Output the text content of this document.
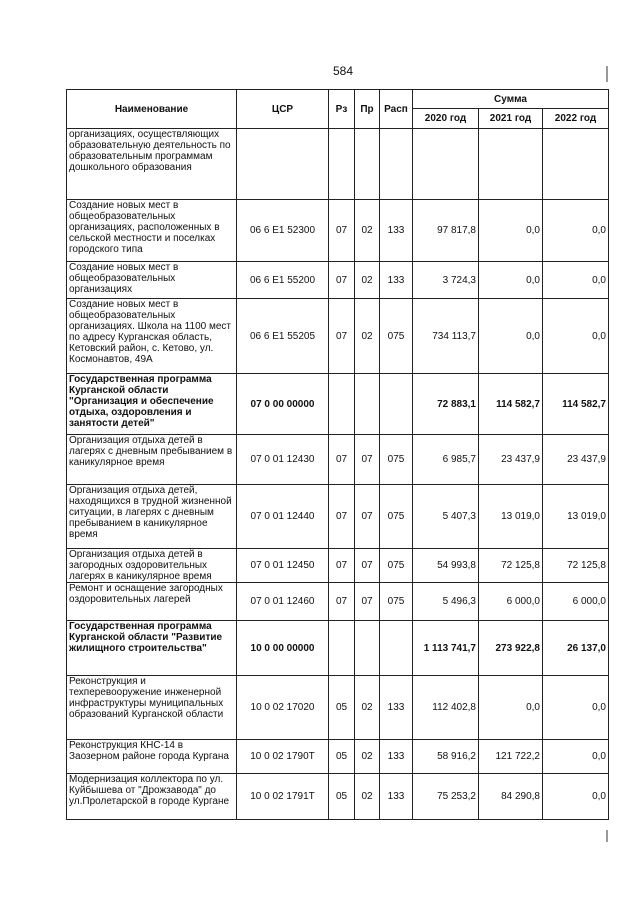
584
Наименование	ЦСР	Рз	Пр	Расп	Сумма		
					2020 год	2021 год	2022 год
организациях, осуществляющих образовательную деятельность по образовательным программам дошкольного образования							
Создание новых мест в общеобразовательных организациях, расположенных в сельской местности и поселках городского типа	06 6 E1 52300	07	02	133	97 817,8	0,0	0,0
Создание новых мест в общеобразовательных организациях	06 6 E1 55200	07	02	133	3 724,3	0,0	0,0
Создание новых мест в общеобразовательных организациях. Школа на 1100 мест по адресу Курганская область, Кетовский район, с. Кетово, ул. Космонавтов, 49А	06 6 E1 55205	07	02	075	734 113,7	0,0	0,0
Государственная программа Курганской области "Организация и обеспечение отдыха, оздоровления и занятости детей"	07 0 00 00000				72 883,1	114 582,7	114 582,7
Организация отдыха детей в лагерях с дневным пребыванием в каникулярное время	07 0 01 12430	07	07	075	6 985,7	23 437,9	23 437,9
Организация отдыха детей, находящихся в трудной жизненной ситуации, в лагерях с дневным пребыванием в каникулярное время	07 0 01 12440	07	07	075	5 407,3	13 019,0	13 019,0
Организация отдыха детей в загородных оздоровительных лагерях в каникулярное время	07 0 01 12450	07	07	075	54 993,8	72 125,8	72 125,8
Ремонт и оснащение загородных оздоровительных лагерей	07 0 01 12460	07	07	075	5 496,3	6 000,0	6 000,0
Государственная программа Курганской области "Развитие жилищного строительства"	10 0 00 00000				1 113 741,7	273 922,8	26 137,0
Реконструкция и техперевооружение инженерной инфраструктуры муниципальных образований Курганской области	10 0 02 17020	05	02	133	112 402,8	0,0	0,0
Реконструкция КНС-14 в Заозерном районе города Кургана	10 0 02 1790T	05	02	133	58 916,2	121 722,2	0,0
Модернизация коллектора по ул. Куйбышева от "Дрожзавода" до ул.Пролетарской в городе Кургане	10 0 02 1791T	05	02	133	75 253,2	84 290,8	0,0
